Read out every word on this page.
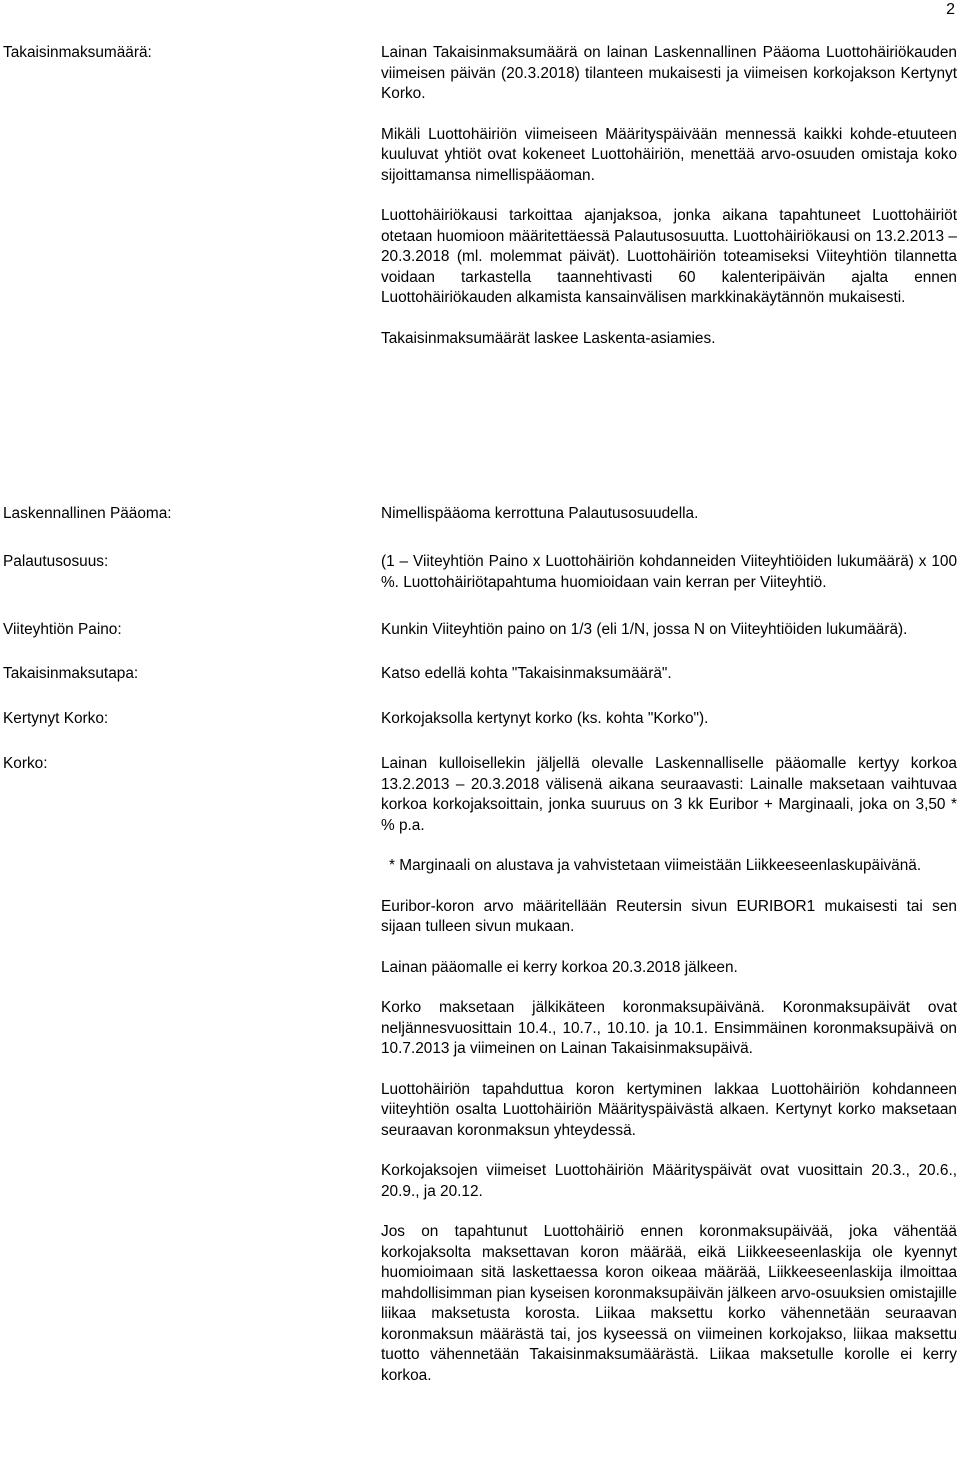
2
Takaisinmaksumäärä:	Lainan Takaisinmaksumäärä on lainan Laskennallinen Pääoma Luottohäiriökauden viimeisen päivän (20.3.2018) tilanteen mukaisesti ja viimeisen korkojakson Kertynyt Korko.

Mikäli Luottohäiriön viimeiseen Määrityspäivään mennessä kaikki kohde-etuuteen kuuluvat yhtiöt ovat kokeneet Luottohäiriön, menettää arvo-osuuden omistaja koko sijoittamansa nimellispääoman.

Luottohäiriökausi tarkoittaa ajanjaksoa, jonka aikana tapahtuneet Luottohäiriöt otetaan huomioon määritettäessä Palautusosuutta. Luottohäiriökausi on 13.2.2013 – 20.3.2018 (ml. molemmat päivät). Luottohäiriön toteamiseksi Viiteyhtiön tilannetta voidaan tarkastella taannehtivasti 60 kalenteripäivän ajalta ennen Luottohäiriökauden alkamista kansainvälisen markkinakäytännön mukaisesti.

Takaisinmaksumäärät laskee Laskenta-asiamies.

Laskennallinen Pääoma:	Nimellispääoma kerrottuna Palautusosuudella.

Palautusosuus:	(1 – Viiteyhtiön Paino x Luottohäiriön kohdanneiden Viiteyhtiöiden lukumäärä) x 100 %. Luottohäiriötapahtuma huomioidaan vain kerran per Viiteyhtiö.

Viiteyhtiön Paino:	Kunkin Viiteyhtiön paino on 1/3 (eli 1/N, jossa N on Viiteyhtiöiden lukumäärä).

Takaisinmaksutapa:	Katso edellä kohta "Takaisinmaksumäärä".

Kertynyt Korko:	Korkojaksolla kertynyt korko (ks. kohta "Korko").

Korko:	Lainan kulloisellekin jäljellä olevalle Laskennalliselle pääomalle kertyy korkoa 13.2.2013 – 20.3.2018 välisenä aikana seuraavasti: Lainalle maksetaan vaihtuvaa korkoa korkojaksoittain, jonka suuruus on 3 kk Euribor + Marginaali, joka on 3,50 * % p.a.

* Marginaali on alustava ja vahvistetaan viimeistään Liikkeeseenlaskupäivänä.

Euribor-koron arvo määritellään Reutersin sivun EURIBOR1 mukaisesti tai sen sijaan tulleen sivun mukaan.

Lainan pääomalle ei kerry korkoa 20.3.2018 jälkeen.

Korko maksetaan jälkikäteen koronmaksupäivänä. Koronmaksupäivät ovat neljännesvuosittain 10.4., 10.7., 10.10. ja 10.1. Ensimmäinen koronmaksupäivä on 10.7.2013 ja viimeinen on Lainan Takaisinmaksupäivä.

Luottohäiriön tapahduttua koron kertyminen lakkaa Luottohäiriön kohdanneen viiteyhtiön osalta Luottohäiriön Määrityspäivästä alkaen. Kertynyt korko maksetaan seuraavan koronmaksun yhteydessä.

Korkojaksojen viimeiset Luottohäiriön Määrityspäivät ovat vuosittain 20.3., 20.6., 20.9., ja 20.12.

Jos on tapahtunut Luottohäiriö ennen koronmaksupäivää, joka vähentää korkojaksolta maksettavan koron määrää, eikä Liikkeeseenlaskija ole kyennyt huomioimaan sitä laskettaessa koron oikeaa määrää, Liikkeeseenlaskija ilmoittaa mahdollisimman pian kyseisen koronmaksupäivän jälkeen arvo-osuuksien omistajille liikaa maksetusta korosta. Liikaa maksettu korko vähennetään seuraavan koronmaksun määrästä tai, jos kyseessä on viimeinen korkojakso, liikaa maksettu tuotto vähennetään Takaisinmaksumäärästä. Liikaa maksetulle korolle ei kerry korkoa.
